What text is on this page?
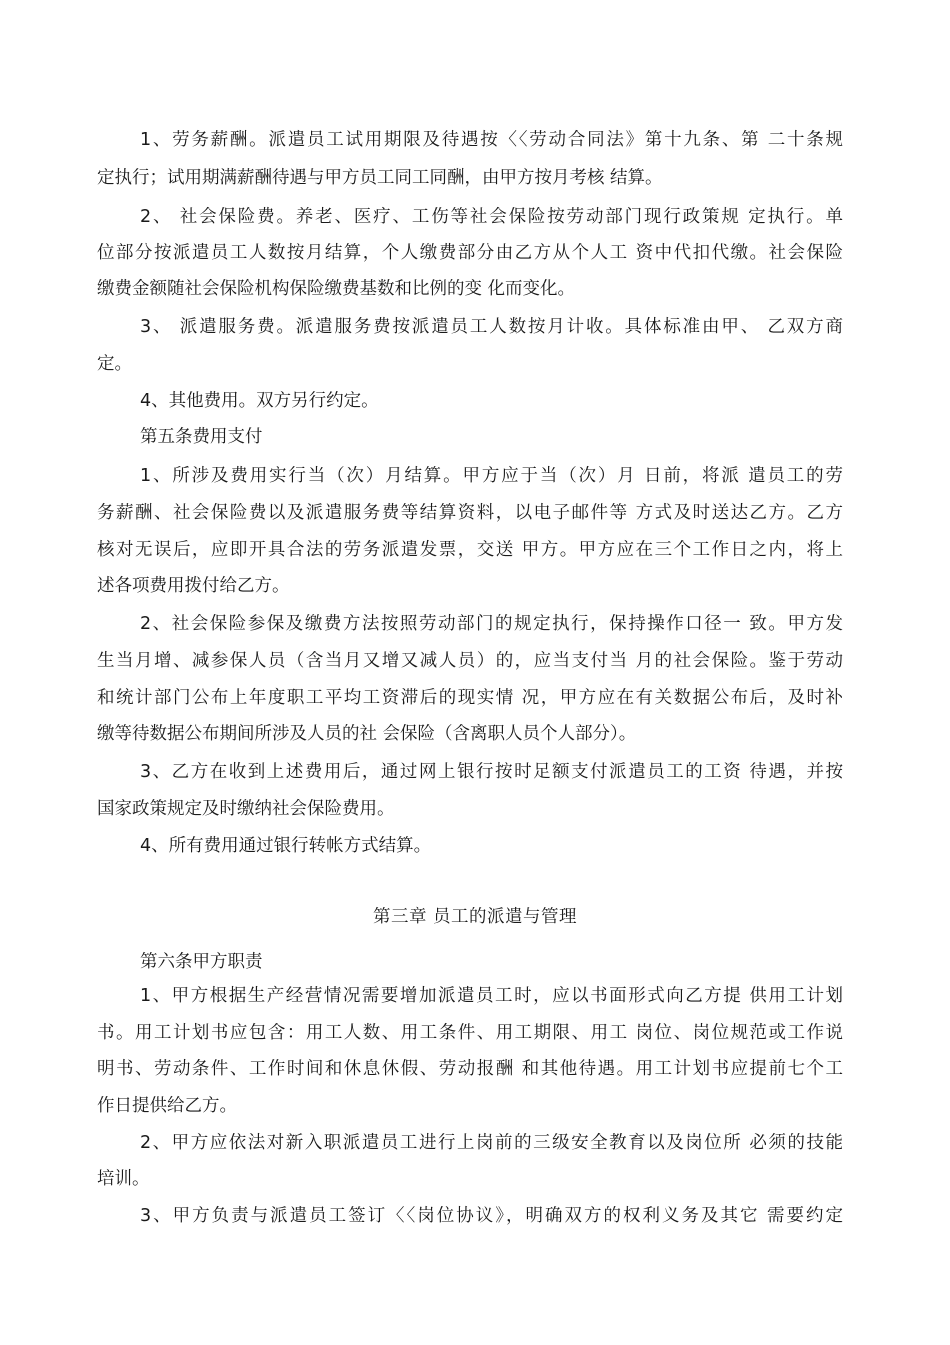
1、劳务薪酬。派遣员工试用期限及待遇按〈〈劳动合同法》第十九条、第 二十条规
定执行；试用期满薪酬待遇与甲方员工同工同酬，由甲方按月考核 结算。
2、 社会保险费。养老、医疗、工伤等社会保险按劳动部门现行政策规 定执行。单
位部分按派遣员工人数按月结算，个人缴费部分由乙方从个人工 资中代扣代缴。社会保险
缴费金额随社会保险机构保险缴费基数和比例的变 化而变化。
3、 派遣服务费。派遣服务费按派遣员工人数按月计收。具体标准由甲、 乙双方商
定。
4、其他费用。双方另行约定。
第五条费用支付
1、所涉及费用实行当（次）月结算。甲方应于当（次）月 日前，将派 遣员工的劳
务薪酬、社会保险费以及派遣服务费等结算资料，以电子邮件等 方式及时送达乙方。乙方
核对无误后，应即开具合法的劳务派遣发票，交送 甲方。甲方应在三个工作日之内，将上
述各项费用拨付给乙方。
2、社会保险参保及缴费方法按照劳动部门的规定执行，保持操作口径一 致。甲方发
生当月增、减参保人员（含当月又增又减人员）的，应当支付当 月的社会保险。鉴于劳动
和统计部门公布上年度职工平均工资滞后的现实情 况，甲方应在有关数据公布后，及时补
缴等待数据公布期间所涉及人员的社 会保险（含离职人员个人部分）。
3、乙方在收到上述费用后，通过网上银行按时足额支付派遣员工的工资 待遇，并按
国家政策规定及时缴纳社会保险费用。
4、所有费用通过银行转帐方式结算。
第三章 员工的派遣与管理
第六条甲方职责
1、甲方根据生产经营情况需要增加派遣员工时，应以书面形式向乙方提 供用工计划
书。用工计划书应包含：用工人数、用工条件、用工期限、用工 岗位、岗位规范或工作说
明书、劳动条件、工作时间和休息休假、劳动报酬 和其他待遇。用工计划书应提前七个工
作日提供给乙方。
2、甲方应依法对新入职派遣员工进行上岗前的三级安全教育以及岗位所 必须的技能
培训。
3、甲方负责与派遣员工签订〈〈岗位协议》，明确双方的权利义务及其它 需要约定
